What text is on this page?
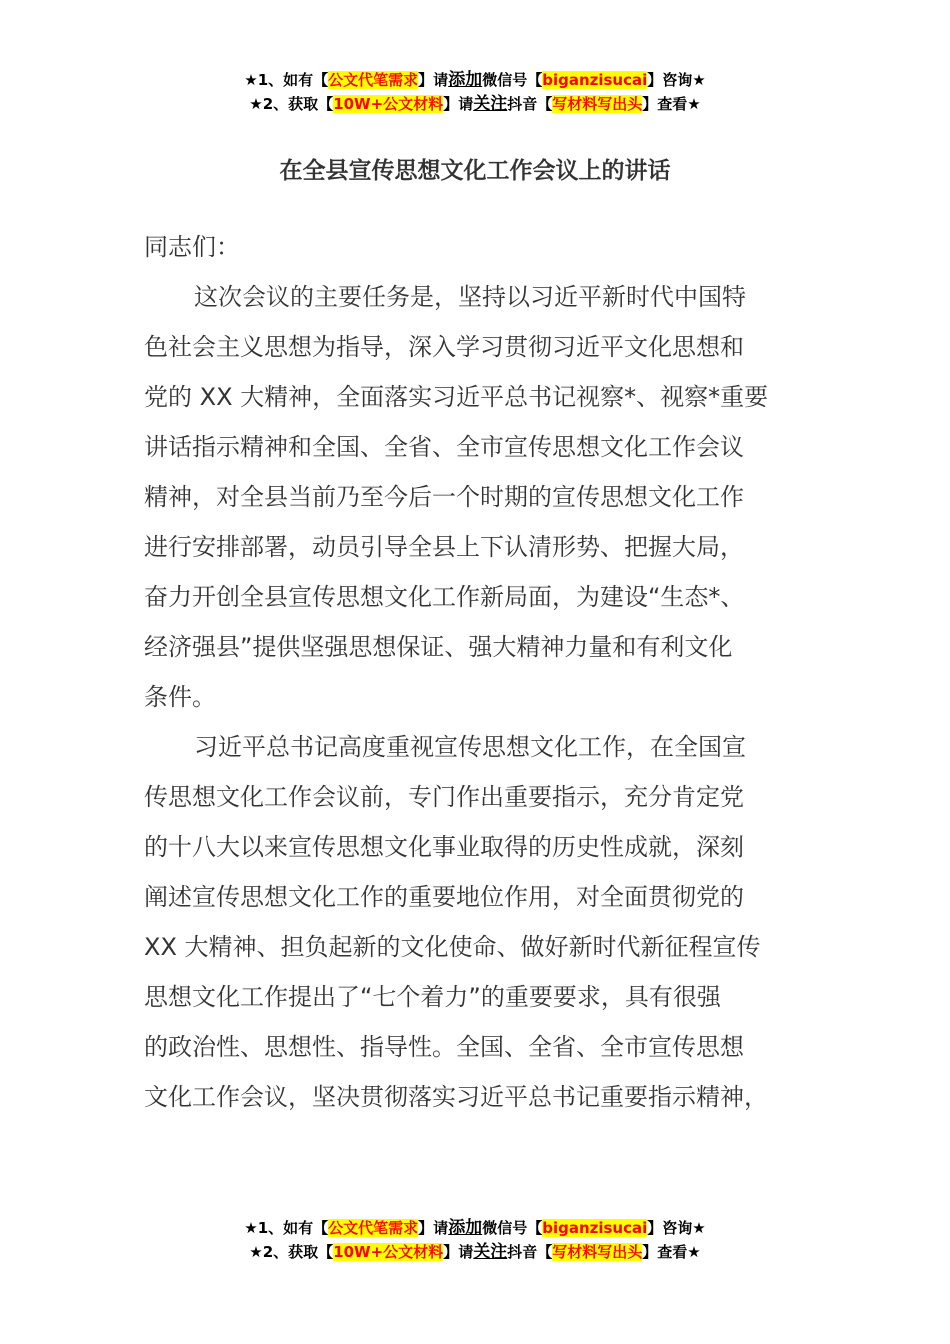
★1、如有【公文代笔需求】请添加微信号【biganzisucai】咨询★
★2、获取【10W+公文材料】请关注抖音【写材料写出头】查看★
在全县宣传思想文化工作会议上的讲话
同志们：
这次会议的主要任务是，坚持以习近平新时代中国特
色社会主义思想为指导，深入学习贯彻习近平文化思想和
党的 XX 大精神，全面落实习近平总书记视察*、视察*重要
讲话指示精神和全国、全省、全市宣传思想文化工作会议
精神，对全县当前乃至今后一个时期的宣传思想文化工作
进行安排部署，动员引导全县上下认清形势、把握大局，
奋力开创全县宣传思想文化工作新局面，为建设“生态*、
经济强县”提供坚强思想保证、强大精神力量和有利文化
条件。
习近平总书记高度重视宣传思想文化工作，在全国宣
传思想文化工作会议前，专门作出重要指示，充分肯定党
的十八大以来宣传思想文化事业取得的历史性成就，深刻
阐述宣传思想文化工作的重要地位作用，对全面贯彻党的
XX 大精神、担负起新的文化使命、做好新时代新征程宣传
思想文化工作提出了“七个着力”的重要要求，具有很强
的政治性、思想性、指导性。全国、全省、全市宣传思想
文化工作会议，坚决贯彻落实习近平总书记重要指示精神，
★1、如有【公文代笔需求】请添加微信号【biganzisucai】咨询★
★2、获取【10W+公文材料】请关注抖音【写材料写出头】查看★
